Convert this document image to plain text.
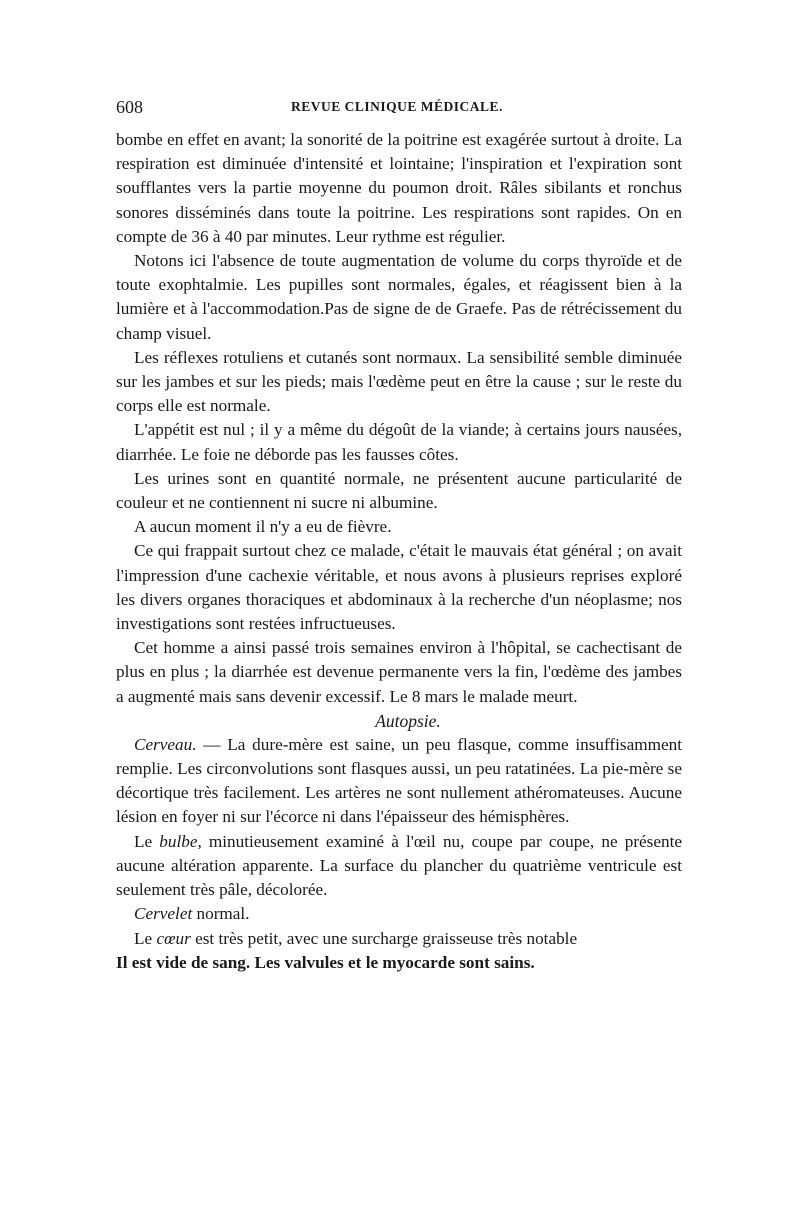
608	REVUE CLINIQUE MÉDICALE.

bombe en effet en avant; la sonorité de la poitrine est exagérée surtout à droite. La respiration est diminuée d'intensité et lointaine; l'inspiration et l'expiration sont soufflantes vers la partie moyenne du poumon droit. Râles sibilants et ronchus sonores disséminés dans toute la poitrine. Les respirations sont rapides. On en compte de 36 à 40 par minutes. Leur rythme est régulier.

Notons ici l'absence de toute augmentation de volume du corps thyroïde et de toute exophtalmie. Les pupilles sont normales, égales, et réagissent bien à la lumière et à l'accommodation.Pas de signe de de Graefe. Pas de rétrécissement du champ visuel.

Les réflexes rotuliens et cutanés sont normaux. La sensibilité semble diminuée sur les jambes et sur les pieds; mais l'œdème peut en être la cause ; sur le reste du corps elle est normale.

L'appétit est nul ; il y a même du dégoût de la viande; à certains jours nausées, diarrhée. Le foie ne déborde pas les fausses côtes.

Les urines sont en quantité normale, ne présentent aucune particularité de couleur et ne contiennent ni sucre ni albumine.

A aucun moment il n'y a eu de fièvre.

Ce qui frappait surtout chez ce malade, c'était le mauvais état général ; on avait l'impression d'une cachexie véritable, et nous avons à plusieurs reprises exploré les divers organes thoraciques et abdominaux à la recherche d'un néoplasme; nos investigations sont restées infructueuses.

Cet homme a ainsi passé trois semaines environ à l'hôpital, se cachectisant de plus en plus ; la diarrhée est devenue permanente vers la fin, l'œdème des jambes a augmenté mais sans devenir excessif. Le 8 mars le malade meurt.

Autopsie.

Cerveau. — La dure-mère est saine, un peu flasque, comme insuffisamment remplie. Les circonvolutions sont flasques aussi, un peu ratatinées. La pie-mère se décortique très facilement. Les artères ne sont nullement athéromateuses. Aucune lésion en foyer ni sur l'écorce ni dans l'épaisseur des hémisphères.

Le bulbe, minutieusement examiné à l'œil nu, coupe par coupe, ne présente aucune altération apparente. La surface du plancher du quatrième ventricule est seulement très pâle, décolorée.

Cervelet normal.

Le cœur est très petit, avec une surcharge graisseuse très notable

Il est vide de sang. Les valvules et le myocarde sont sains.
